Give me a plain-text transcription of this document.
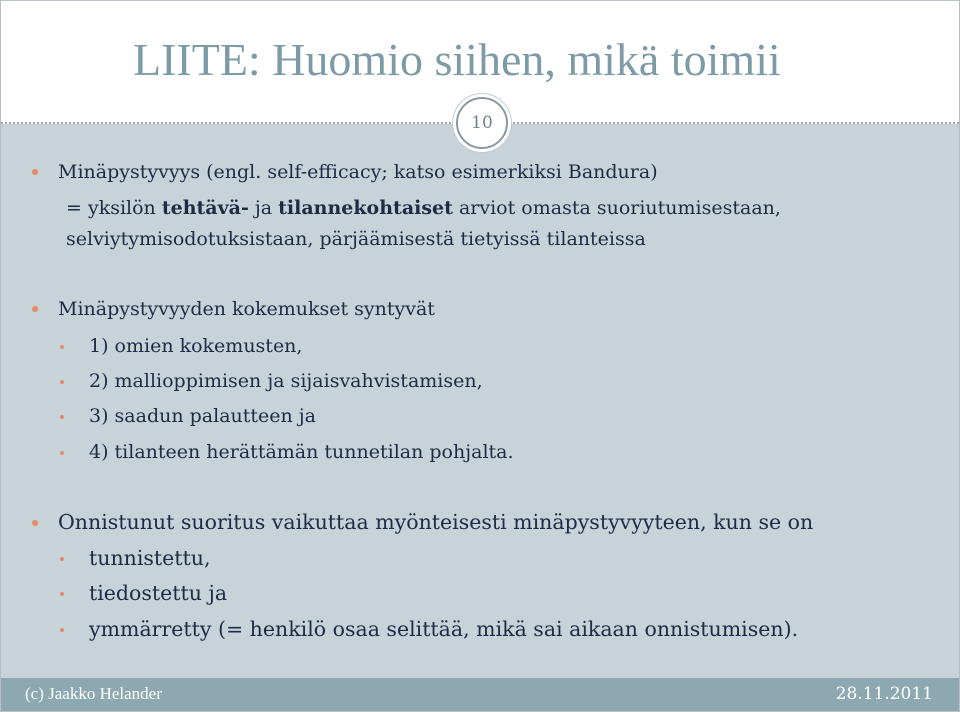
LIITE: Huomio siihen, mikä toimii
10
Minäpystyvyys (engl. self-efficacy; katso esimerkiksi Bandura)
= yksilön tehtävä- ja tilannekohtaiset arviot omasta suoriutumisestaan,
selviytymisodotuksistaan, pärjäämisestä tietyissä tilanteissa
Minäpystyvyyden kokemukset syntyvät
1) omien kokemusten,
2) mallioppimisen ja sijaisvahvistamisen,
3) saadun palautteen ja
4) tilanteen herättämän tunnetilan pohjalta.
Onnistunut suoritus vaikuttaa myönteisesti minäpystyvyyteen, kun se on
tunnistettu,
tiedostettu ja
ymmärretty (= henkilö osaa selittää, mikä sai aikaan onnistumisen).
(c) Jaakko Helander	28.11.2011
